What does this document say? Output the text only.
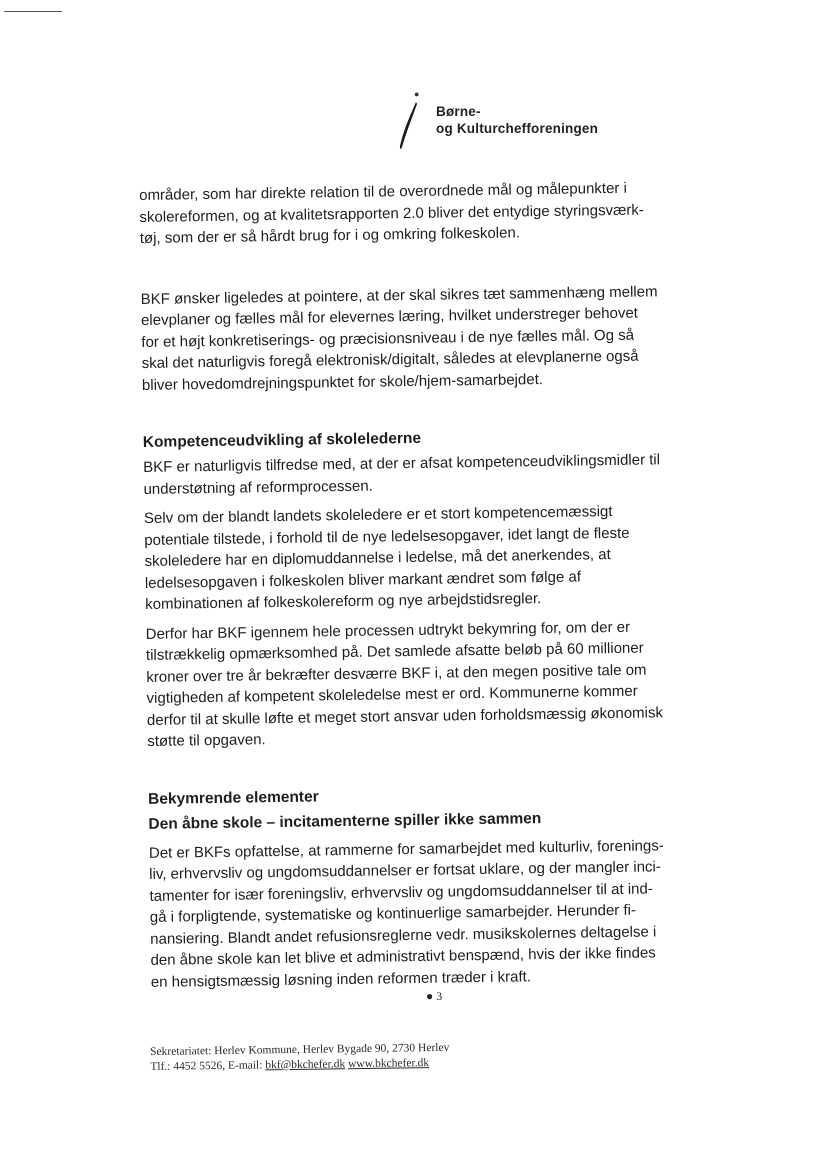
●
Børne-
og Kulturchefforeningen

områder, som har direkte relation til de overordnede mål og målepunkter i
skolereformen, og at kvalitetsrapporten 2.0 bliver det entydige styringsværk-
tøj, som der er så hårdt brug for i og omkring folkeskolen.

BKF ønsker ligeledes at pointere, at der skal sikres tæt sammenhæng mellem
elevplaner og fælles mål for elevernes læring, hvilket understreger behovet
for et højt konkretiserings- og præcisionsniveau i de nye fælles mål. Og så
skal det naturligvis foregå elektronisk/digitalt, således at elevplanerne også
bliver hovedomdrejningspunktet for skole/hjem-samarbejdet.

Kompetenceudvikling af skolelederne

BKF er naturligvis tilfredse med, at der er afsat kompetenceudviklingsmidler til
understøtning af reformprocessen.

Selv om der blandt landets skoleledere er et stort kompetencemæssigt
potentiale tilstede, i forhold til de nye ledelsesopgaver, idet langt de fleste
skoleledere har en diplomuddannelse i ledelse, må det anerkendes, at
ledelsesopgaven i folkeskolen bliver markant ændret som følge af
kombinationen af folkeskolereform og nye arbejdstidsregler.

Derfor har BKF igennem hele processen udtrykt bekymring for, om der er
tilstrækkelig opmærksomhed på. Det samlede afsatte beløb på 60 millioner
kroner over tre år bekræfter desværre BKF i, at den megen positive tale om
vigtigheden af kompetent skoleledelse mest er ord. Kommunerne kommer
derfor til at skulle løfte et meget stort ansvar uden forholdsmæssig økonomisk
støtte til opgaven.

Bekymrende elementer
Den åbne skole – incitamenterne spiller ikke sammen

Det er BKFs opfattelse, at rammerne for samarbejdet med kulturliv, forenings-
liv, erhvervsliv og ungdomsuddannelser er fortsat uklare, og der mangler inci-
tamenter for især foreningsliv, erhvervsliv og ungdomsuddannelser til at ind-
gå i forpligtende, systematiske og kontinuerlige samarbejder. Herunder fi-
nansiering. Blandt andet refusionsreglerne vedr. musikskolernes deltagelse i
den åbne skole kan let blive et administrativt benspænd, hvis der ikke findes
en hensigtsmæssig løsning inden reformen træder i kraft.

● 3
Sekretariatet: Herlev Kommune, Herlev Bygade 90, 2730 Herlev
Tlf.: 4452 5526, E-mail: bkf@bkchefer.dk www.bkchefer.dk
